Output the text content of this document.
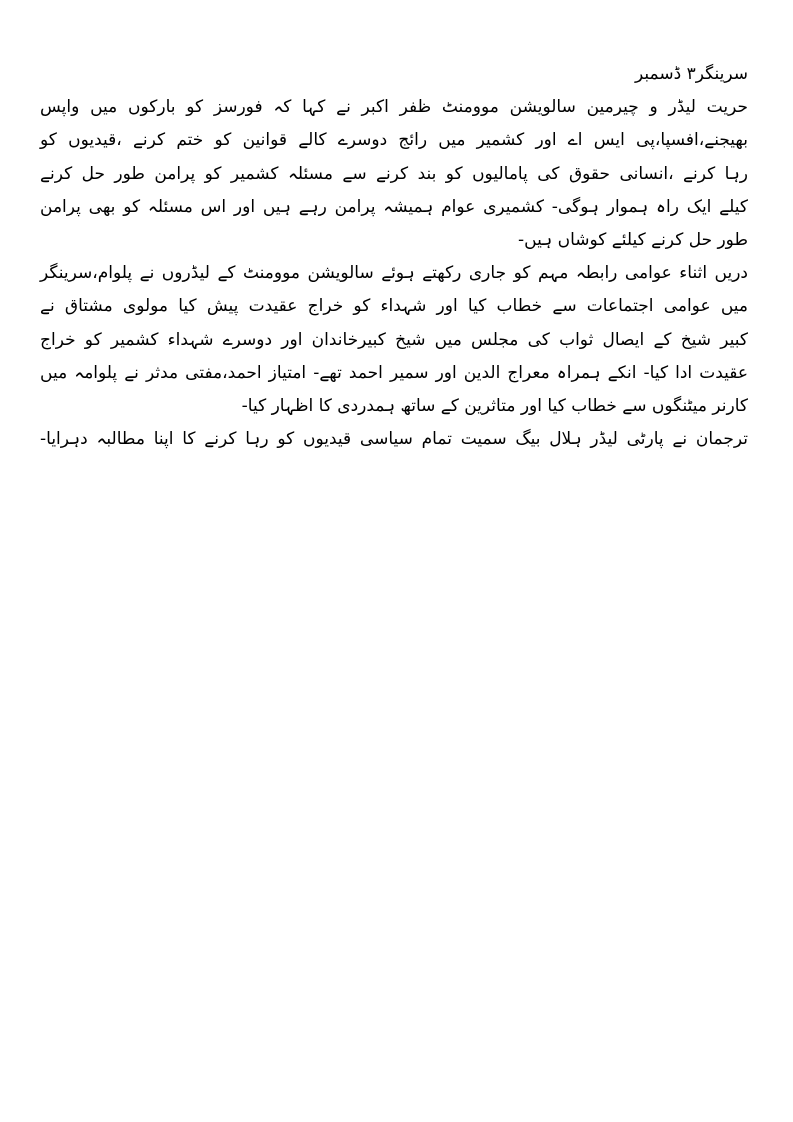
سرینگر۳ ڈسمبر
حریت لیڈر و چیرمین سالویشن موومنٹ ظفر اکبر نے کہا کہ فورسز کو بارکوں میں واپس
بھیجنے،افسپا،پی ایس اے اور کشمیر میں رائج دوسرے کالے قوانین کو ختم کرنے ،قیدیوں کو
رہا کرنے ،انسانی حقوق کی پامالیوں کو بند کرنے سے مسئلہ کشمیر کو پرامن طور حل کرنے
کیلے ایک راہ ہموار ہوگی- کشمیری عوام ہمیشہ پرامن رہے ہیں اور اس مسئلہ کو بھی پرامن
طور حل کرنے کیلئے کوشاں ہیں-
دریں اثناء عوامی رابطہ مہم کو جاری رکھتے ہوئے سالویشن موومنٹ کے لیڈروں نے پلوام،سرینگر
میں عوامی اجتماعات سے خطاب کیا اور شہداء کو خراج عقیدت پیش کیا مولوی مشتاق نے
کبیر شیخ کے ایصال ثواب کی مجلس میں شیخ کبیرخاندان اور دوسرے شہداء کشمیر کو خراج
عقیدت ادا کیا- انکے ہمراہ معراج الدین اور سمیر احمد تھے- امتیاز احمد،مفتی مدثر نے پلوامہ میں
کارنر میٹنگوں سے خطاب کیا اور متاثرین کے ساتھ ہمدردی کا اظہار کیا-
ترجمان نے پارٹی لیڈر ہلال بیگ سمیت تمام سیاسی قیدیوں کو رہا کرنے کا اپنا مطالبہ دہرایا-
